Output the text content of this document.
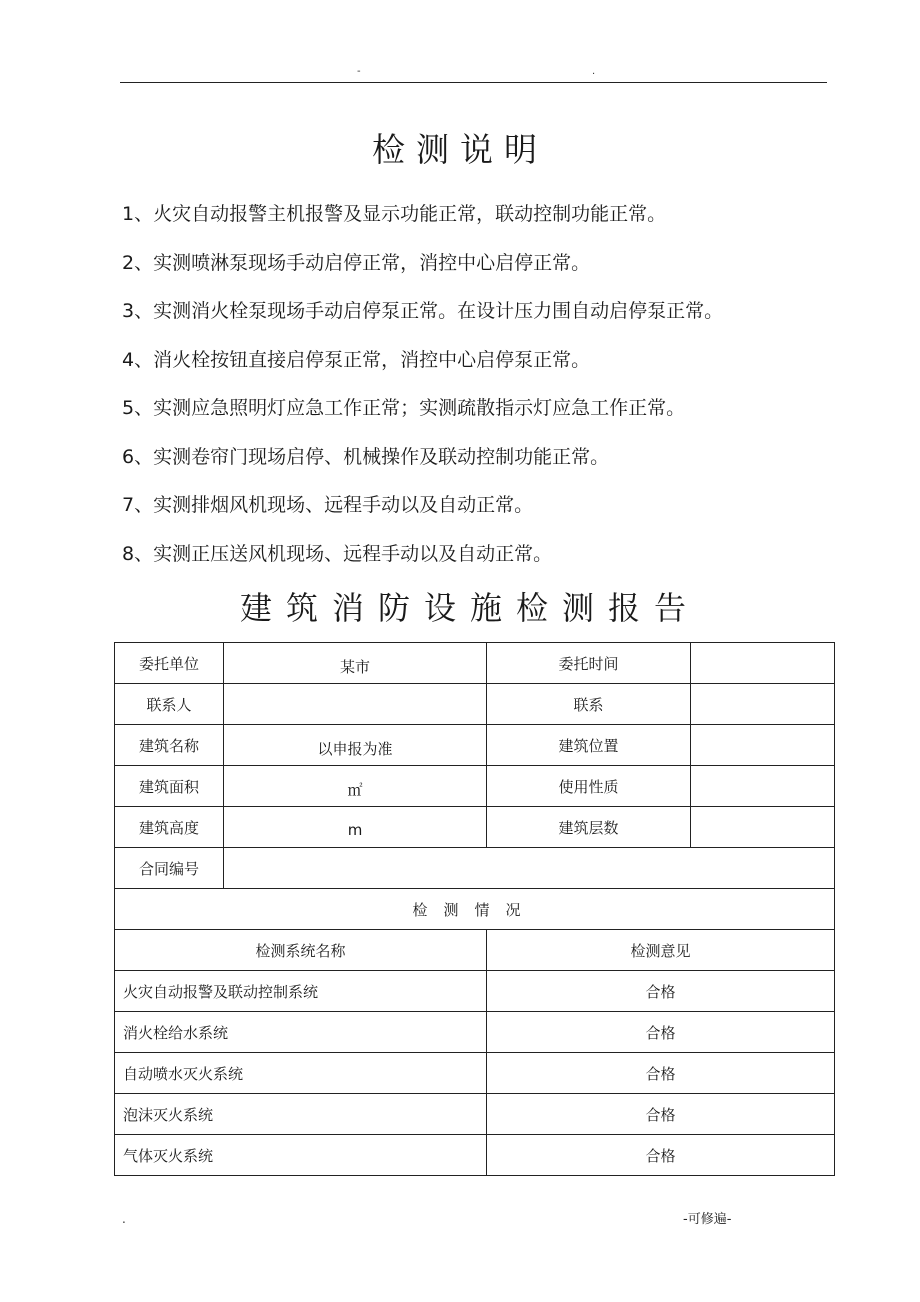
-	.
检测说明
1、火灾自动报警主机报警及显示功能正常，联动控制功能正常。
2、实测喷淋泵现场手动启停正常，消控中心启停正常。
3、实测消火栓泵现场手动启停泵正常。在设计压力围自动启停泵正常。
4、消火栓按钮直接启停泵正常，消控中心启停泵正常。
5、实测应急照明灯应急工作正常；实测疏散指示灯应急工作正常。
6、实测卷帘门现场启停、机械操作及联动控制功能正常。
7、实测排烟风机现场、远程手动以及自动正常。
8、实测正压送风机现场、远程手动以及自动正常。
建筑消防设施检测报告
委托单位	某市	委托时间	
联系人		联系	
建筑名称	以申报为准	建筑位置	
建筑面积	㎡	使用性质	
建筑高度	m	建筑层数	
合同编号			
检测情况			
检测系统名称		检测意见	
火灾自动报警及联动控制系统		合格	
消火栓给水系统		合格	
自动喷水灭火系统		合格	
泡沫灭火系统		合格	
气体灭火系统		合格	
.	-可修遍-
